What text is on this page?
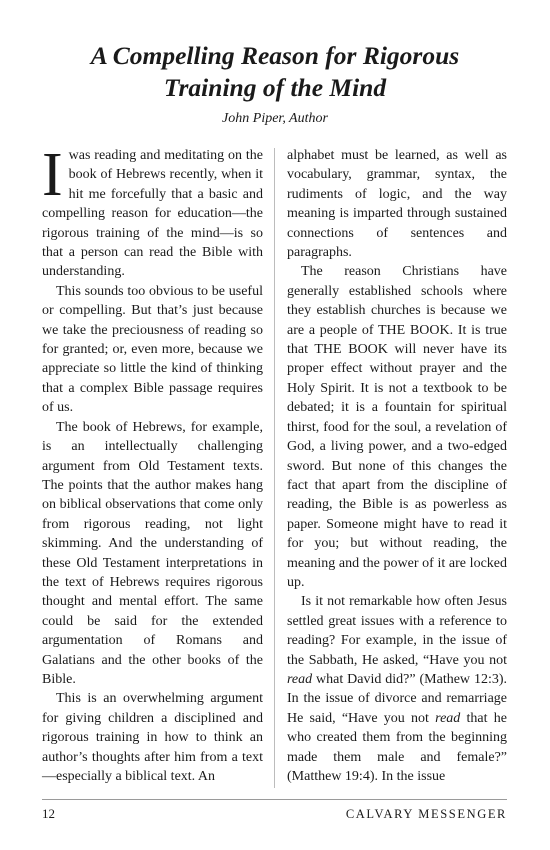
A Compelling Reason for Rigorous
Training of the Mind

John Piper, Author

Iwas reading and meditating on the book of Hebrews recently, when it hit me forcefully that a basic and compelling reason for education—the rigorous training of the mind—is so that a person can read the Bible with understanding.

This sounds too obvious to be useful or compelling. But that’s just because we take the preciousness of reading so for granted; or, even more, because we appreciate so little the kind of thinking that a complex Bible passage requires of us.

The book of Hebrews, for example, is an intellectually challenging argument from Old Testament texts. The points that the author makes hang on biblical observations that come only from rigorous reading, not light skimming. And the understanding of these Old Testament interpretations in the text of Hebrews requires rigorous thought and mental effort. The same could be said for the extended argumentation of Romans and Galatians and the other books of the Bible.

This is an overwhelming argument for giving children a disciplined and rigorous training in how to think an author’s thoughts after him from a text—especially a biblical text. An

alphabet must be learned, as well as vocabulary, grammar, syntax, the rudiments of logic, and the way meaning is imparted through sustained connections of sentences and paragraphs.

The reason Christians have generally established schools where they establish churches is because we are a people of THE BOOK. It is true that THE BOOK will never have its proper effect without prayer and the Holy Spirit. It is not a textbook to be debated; it is a fountain for spiritual thirst, food for the soul, a revelation of God, a living power, and a two-edged sword. But none of this changes the fact that apart from the discipline of reading, the Bible is as powerless as paper. Someone might have to read it for you; but without reading, the meaning and the power of it are locked up.

Is it not remarkable how often Jesus settled great issues with a reference to reading? For example, in the issue of the Sabbath, He asked, “Have you not read what David did?” (Mathew 12:3). In the issue of divorce and remarriage He said, “Have you not read that he who created them from the beginning made them male and female?” (Matthew 19:4). In the issue

12	CALVARY MESSENGER
